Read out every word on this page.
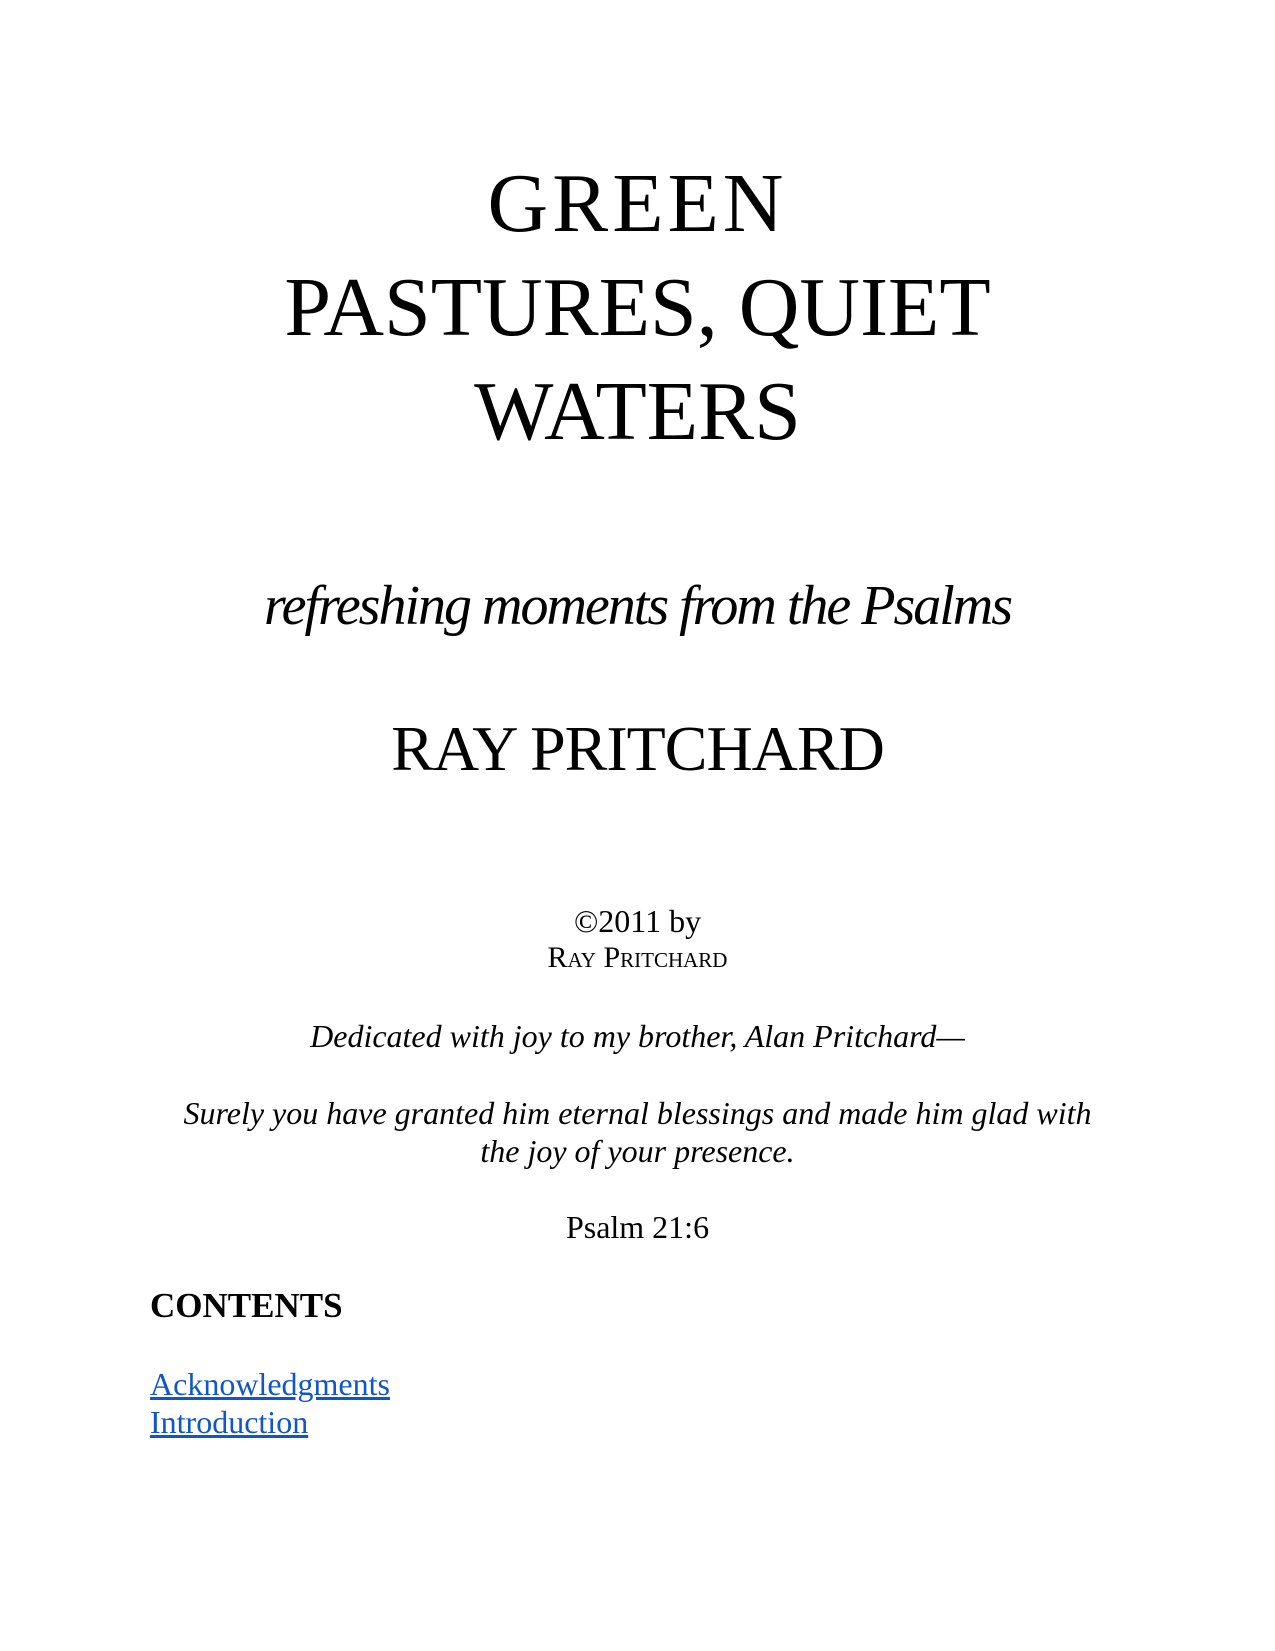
GREEN
PASTURES, QUIET
WATERS
refreshing moments from the Psalms
RAY PRITCHARD
©2011 by
Ray Pritchard
Dedicated with joy to my brother, Alan Pritchard—
Surely you have granted him eternal blessings and made him glad with
the joy of your presence.
Psalm 21:6
CONTENTS
Acknowledgments
Introduction
